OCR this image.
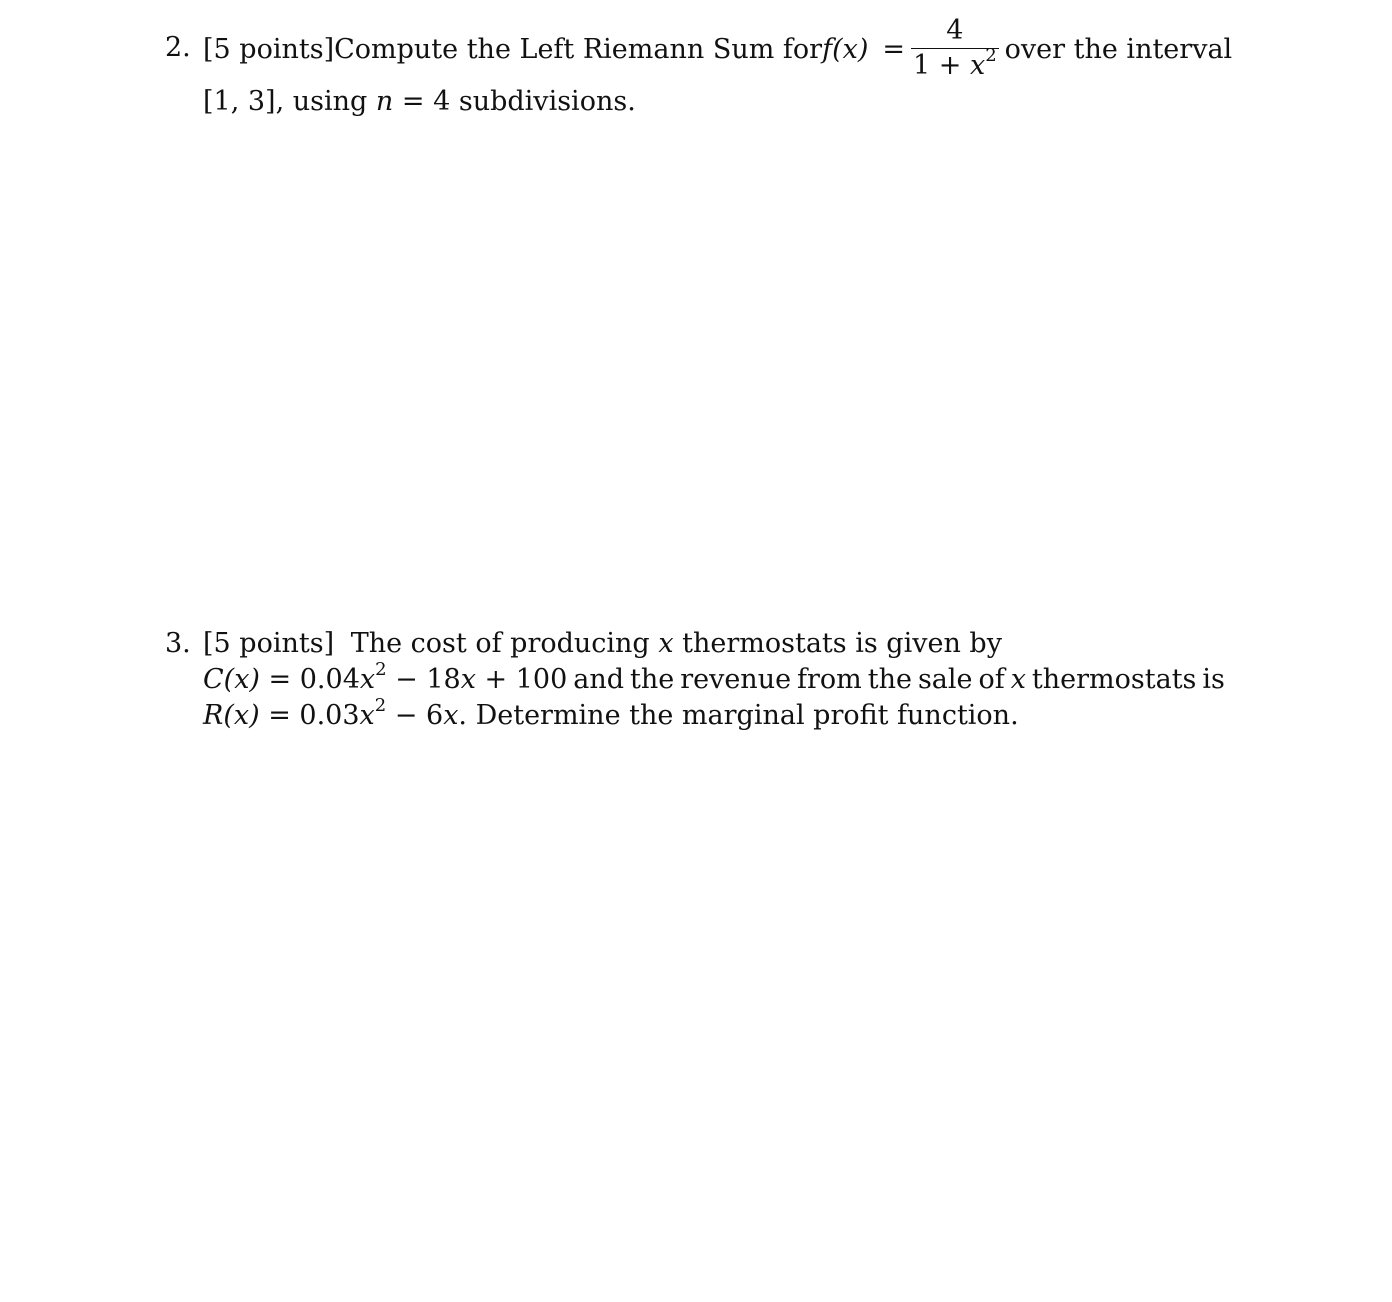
2. [5 points] Compute the Left Riemann Sum for $f(x) = \frac{4}{1 + x^2}$ over the interval
[1, 3], using n = 4 subdivisions.
3. [5 points] The cost of producing x thermostats is given by
$C(x) = 0.04x^2 - 18x + 100$ and the revenue from the sale of x thermostats is
$R(x) = 0.03x^2 - 6x$. Determine the marginal profit function.
